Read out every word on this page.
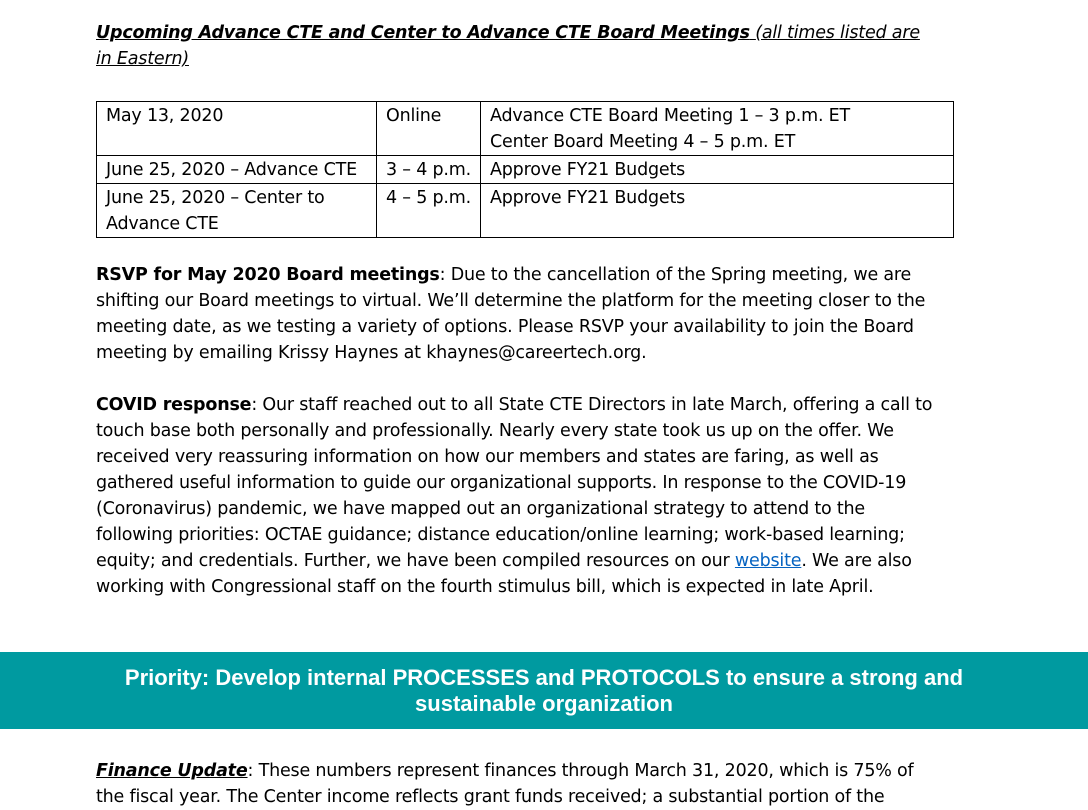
Upcoming Advance CTE and Center to Advance CTE Board Meetings (all times listed are in Eastern)
May 13, 2020	Online	Advance CTE Board Meeting 1 – 3 p.m. ET
Center Board Meeting 4 – 5 p.m. ET

June 25, 2020 – Advance CTE	3 – 4 p.m.	Approve FY21 Budgets

June 25, 2020 – Center to Advance CTE	4 – 5 p.m.	Approve FY21 Budgets
RSVP for May 2020 Board meetings: Due to the cancellation of the Spring meeting, we are shifting our Board meetings to virtual. We’ll determine the platform for the meeting closer to the meeting date, as we testing a variety of options. Please RSVP your availability to join the Board meeting by emailing Krissy Haynes at khaynes@careertech.org.
COVID response: Our staff reached out to all State CTE Directors in late March, offering a call to touch base both personally and professionally. Nearly every state took us up on the offer. We received very reassuring information on how our members and states are faring, as well as gathered useful information to guide our organizational supports. In response to the COVID-19 (Coronavirus) pandemic, we have mapped out an organizational strategy to attend to the following priorities: OCTAE guidance; distance education/online learning; work-based learning; equity; and credentials. Further, we have been compiled resources on our website. We are also working with Congressional staff on the fourth stimulus bill, which is expected in late April.
Priority: Develop internal PROCESSES and PROTOCOLS to ensure a strong and sustainable organization
Finance Update: These numbers represent finances through March 31, 2020, which is 75% of the fiscal year. The Center income reflects grant funds received; a substantial portion of the
